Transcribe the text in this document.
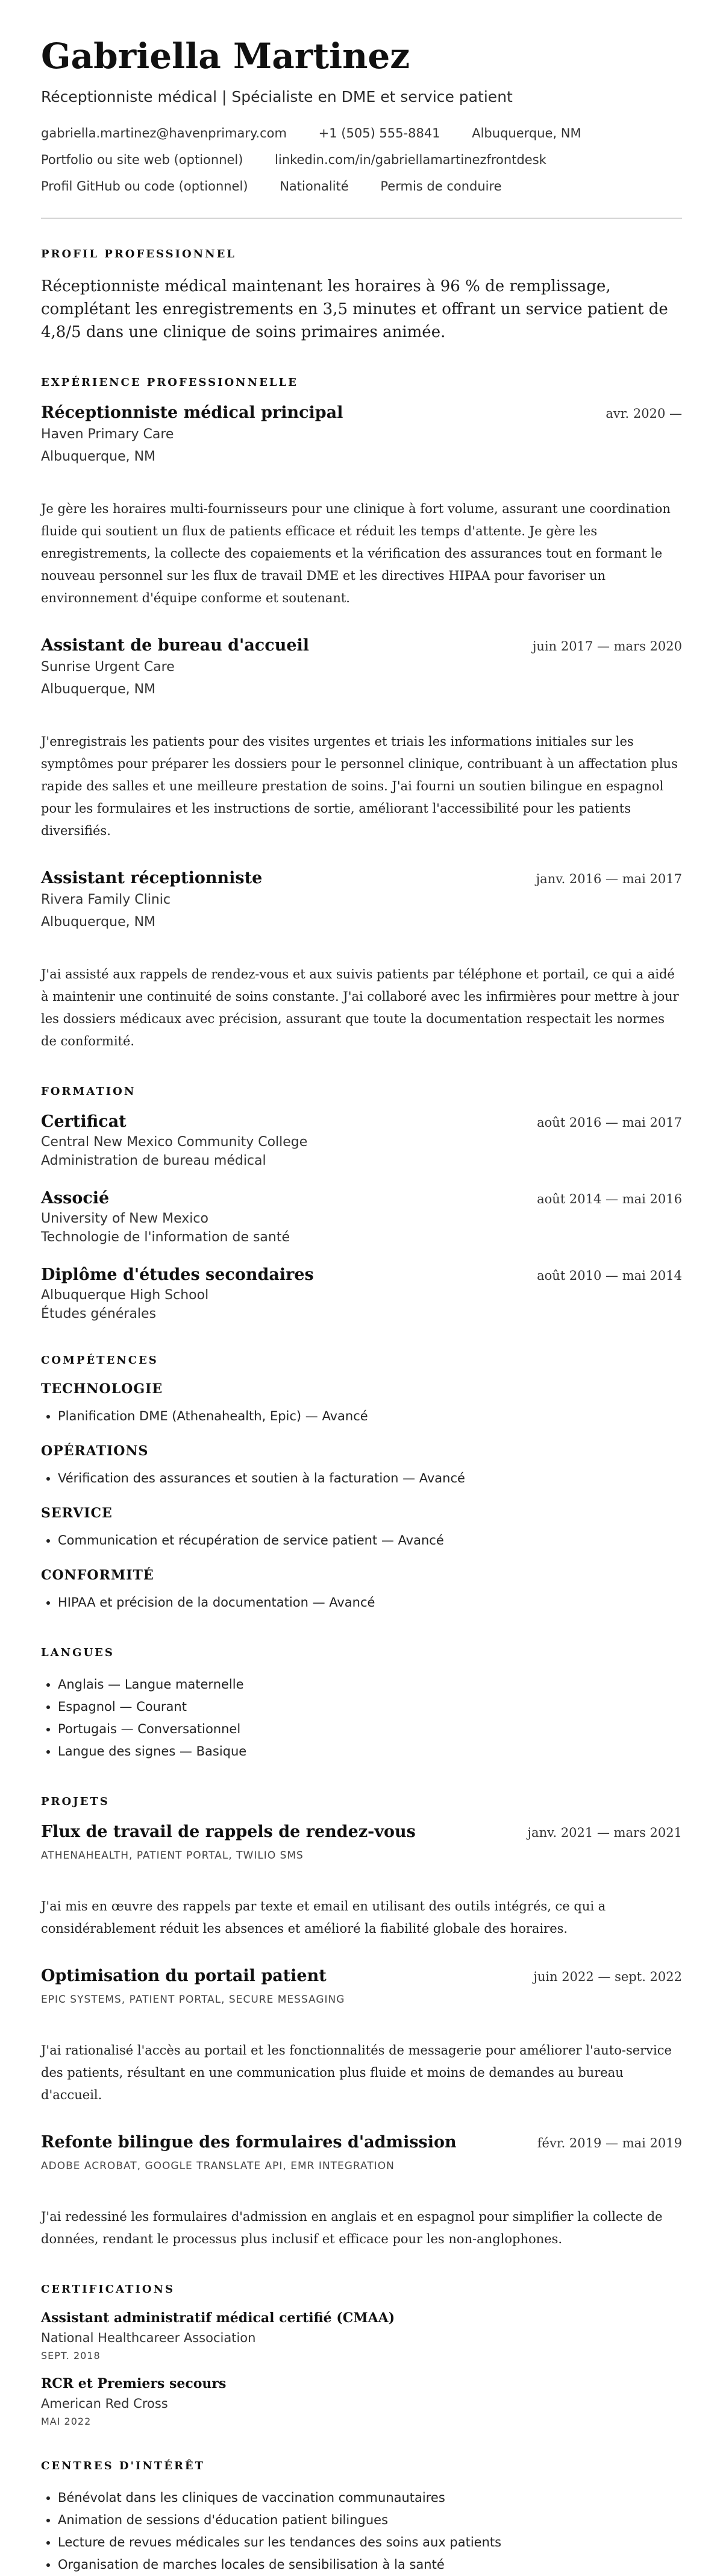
Gabriella Martinez
Réceptionniste médical | Spécialiste en DME et service patient
gabriella.martinez@havenprimary.com	+1 (505) 555-8841	Albuquerque, NM
Portfolio ou site web (optionnel)	linkedin.com/in/gabriellamartinezfrontdesk
Profil GitHub ou code (optionnel)	Nationalité	Permis de conduire
PROFIL PROFESSIONNEL
Réceptionniste médical maintenant les horaires à 96 % de remplissage, complétant les enregistrements en 3,5 minutes et offrant un service patient de 4,8/5 dans une clinique de soins primaires animée.
EXPÉRIENCE PROFESSIONNELLE
Réceptionniste médical principal	avr. 2020 —
Haven Primary Care
Albuquerque, NM
Je gère les horaires multi-fournisseurs pour une clinique à fort volume, assurant une coordination fluide qui soutient un flux de patients efficace et réduit les temps d'attente. Je gère les enregistrements, la collecte des copaiements et la vérification des assurances tout en formant le nouveau personnel sur les flux de travail DME et les directives HIPAA pour favoriser un environnement d'équipe conforme et soutenant.
Assistant de bureau d'accueil	juin 2017 — mars 2020
Sunrise Urgent Care
Albuquerque, NM
J'enregistrais les patients pour des visites urgentes et triais les informations initiales sur les symptômes pour préparer les dossiers pour le personnel clinique, contribuant à un affectation plus rapide des salles et une meilleure prestation de soins. J'ai fourni un soutien bilingue en espagnol pour les formulaires et les instructions de sortie, améliorant l'accessibilité pour les patients diversifiés.
Assistant réceptionniste	janv. 2016 — mai 2017
Rivera Family Clinic
Albuquerque, NM
J'ai assisté aux rappels de rendez-vous et aux suivis patients par téléphone et portail, ce qui a aidé à maintenir une continuité de soins constante. J'ai collaboré avec les infirmières pour mettre à jour les dossiers médicaux avec précision, assurant que toute la documentation respectait les normes de conformité.
FORMATION
Certificat	août 2016 — mai 2017
Central New Mexico Community College
Administration de bureau médical
Associé	août 2014 — mai 2016
University of New Mexico
Technologie de l'information de santé
Diplôme d'études secondaires	août 2010 — mai 2014
Albuquerque High School
Études générales
COMPÉTENCES
TECHNOLOGIE
• Planification DME (Athenahealth, Epic) — Avancé
OPÉRATIONS
• Vérification des assurances et soutien à la facturation — Avancé
SERVICE
• Communication et récupération de service patient — Avancé
CONFORMITÉ
• HIPAA et précision de la documentation — Avancé
LANGUES
• Anglais — Langue maternelle
• Espagnol — Courant
• Portugais — Conversationnel
• Langue des signes — Basique
PROJETS
Flux de travail de rappels de rendez-vous	janv. 2021 — mars 2021
ATHENAHEALTH, PATIENT PORTAL, TWILIO SMS
J'ai mis en œuvre des rappels par texte et email en utilisant des outils intégrés, ce qui a considérablement réduit les absences et amélioré la fiabilité globale des horaires.
Optimisation du portail patient	juin 2022 — sept. 2022
EPIC SYSTEMS, PATIENT PORTAL, SECURE MESSAGING
J'ai rationalisé l'accès au portail et les fonctionnalités de messagerie pour améliorer l'auto-service des patients, résultant en une communication plus fluide et moins de demandes au bureau d'accueil.
Refonte bilingue des formulaires d'admission	févr. 2019 — mai 2019
ADOBE ACROBAT, GOOGLE TRANSLATE API, EMR INTEGRATION
J'ai redessiné les formulaires d'admission en anglais et en espagnol pour simplifier la collecte de données, rendant le processus plus inclusif et efficace pour les non-anglophones.
CERTIFICATIONS
Assistant administratif médical certifié (CMAA)
National Healthcareer Association
SEPT. 2018
RCR et Premiers secours
American Red Cross
MAI 2022
CENTRES D'INTÉRÊT
• Bénévolat dans les cliniques de vaccination communautaires
• Animation de sessions d'éducation patient bilingues
• Lecture de revues médicales sur les tendances des soins aux patients
• Organisation de marches locales de sensibilisation à la santé
